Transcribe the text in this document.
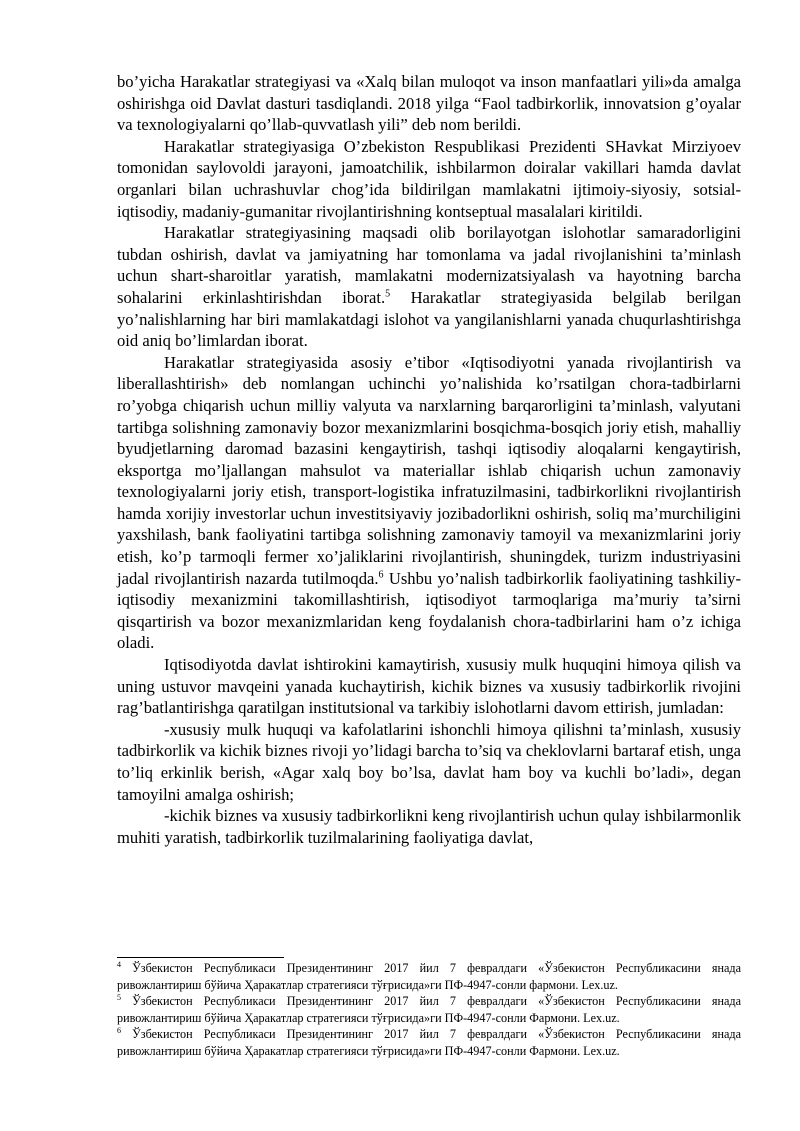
bo’yicha Harakatlar strategiyasi va «Xalq bilan muloqot va inson manfaatlari yili»da amalga oshirishga oid Davlat dasturi tasdiqlandi. 2018 yilga “Faol tadbirkorlik, innovatsion g’oyalar va texnologiyalarni qo’llab-quvvatlash yili” deb nom berildi.

Harakatlar strategiyasiga O’zbekiston Respublikasi Prezidenti SHavkat Mirziyoev tomonidan saylovoldi jarayoni, jamoatchilik, ishbilarmon doiralar vakillari hamda davlat organlari bilan uchrashuvlar chog’ida bildirilgan mamlakatni ijtimoiy-siyosiy, sotsial-iqtisodiy, madaniy-gumanitar rivojlantirishning kontseptual masalalari kiritildi.

Harakatlar strategiyasining maqsadi olib borilayotgan islohotlar samaradorligini tubdan oshirish, davlat va jamiyatning har tomonlama va jadal rivojlanishini ta’minlash uchun shart-sharoitlar yaratish, mamlakatni modernizatsiyalash va hayotning barcha sohalarini erkinlashtirishdan iborat.$^5$ Harakatlar strategiyasida belgilab berilgan yo’nalishlarning har biri mamlakatdagi islohot va yangilanishlarni yanada chuqurlashtirishga oid aniq bo’limlardan iborat.

Harakatlar strategiyasida asosiy e’tibor «Iqtisodiyotni yanada rivojlantirish va liberallashtirish» deb nomlangan uchinchi yo’nalishida ko’rsatilgan chora-tadbirlarni ro’yobga chiqarish uchun milliy valyuta va narxlarning barqarorligini ta’minlash, valyutani tartibga solishning zamonaviy bozor mexanizmlarini bosqichma-bosqich joriy etish, mahalliy byudjetlarning daromad bazasini kengaytirish, tashqi iqtisodiy aloqalarni kengaytirish, eksportga mo’ljallangan mahsulot va materiallar ishlab chiqarish uchun zamonaviy texnologiyalarni joriy etish, transport-logistika infratuzilmasini, tadbirkorlikni rivojlantirish hamda xorijiy investorlar uchun investitsiyaviy jozibadorlikni oshirish, soliq ma’murchiligini yaxshilash, bank faoliyatini tartibga solishning zamonaviy tamoyil va mexanizmlarini joriy etish, ko’p tarmoqli fermer xo’jaliklarini rivojlantirish, shuningdek, turizm industriyasini jadal rivojlantirish nazarda tutilmoqda.$^6$ Ushbu yo’nalish tadbirkorlik faoliyatining tashkiliy-iqtisodiy mexanizmini takomillashtirish, iqtisodiyot tarmoqlariga ma’muriy ta’sirni qisqartirish va bozor mexanizmlaridan keng foydalanish chora-tadbirlarini ham o’z ichiga oladi.

Iqtisodiyotda davlat ishtirokini kamaytirish, xususiy mulk huquqini himoya qilish va uning ustuvor mavqeini yanada kuchaytirish, kichik biznes va xususiy tadbirkorlik rivojini rag’batlantirishga qaratilgan institutsional va tarkibiy islohotlarni davom ettirish, jumladan:

-xususiy mulk huquqi va kafolatlarini ishonchli himoya qilishni ta’minlash, xususiy tadbirkorlik va kichik biznes rivoji yo’lidagi barcha to’siq va cheklovlarni bartaraf etish, unga to’liq erkinlik berish, «Agar xalq boy bo’lsa, davlat ham boy va kuchli bo’ladi», degan tamoyilni amalga oshirish;

-kichik biznes va xususiy tadbirkorlikni keng rivojlantirish uchun qulay ishbilarmonlik muhiti yaratish, tadbirkorlik tuzilmalarining faoliyatiga davlat,

$^4$ Ўзбекистон Республикаси Президентининг 2017 йил 7 февралдаги «Ўзбекистон Республикасини янада ривожлантириш бўйича Ҳаракатлар стратегияси тўғрисида»ги ПФ-4947-сонли фармони. Lex.uz.

$^5$ Ўзбекистон Республикаси Президентининг 2017 йил 7 февралдаги «Ўзбекистон Республикасини янада ривожлантириш бўйича Ҳаракатлар стратегияси тўғрисида»ги ПФ-4947-сонли Фармони. Lex.uz.

$^6$ Ўзбекистон Республикаси Президентининг 2017 йил 7 февралдаги «Ўзбекистон Республикасини янада ривожлантириш бўйича Ҳаракатлар стратегияси тўғрисида»ги ПФ-4947-сонли Фармони. Lex.uz.
